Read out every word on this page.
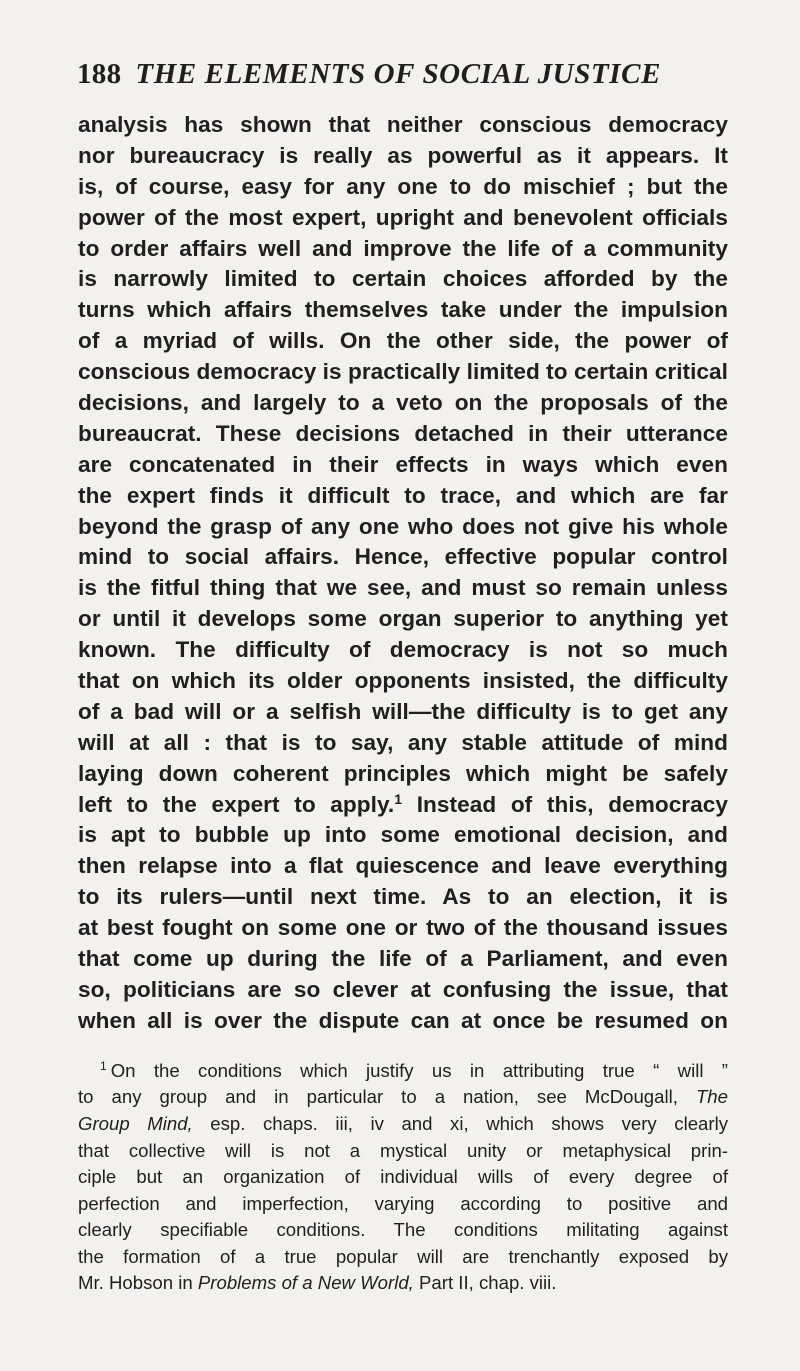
188 THE ELEMENTS OF SOCIAL JUSTICE
analysis has shown that neither conscious democracy
nor bureaucracy is really as powerful as it appears. It
is, of course, easy for any one to do mischief ; but the
power of the most expert, upright and benevolent officials
to order affairs well and improve the life of a community
is narrowly limited to certain choices afforded by the
turns which affairs themselves take under the impulsion
of a myriad of wills. On the other side, the power of
conscious democracy is practically limited to certain critical
decisions, and largely to a veto on the proposals of the
bureaucrat. These decisions detached in their utterance
are concatenated in their effects in ways which even
the expert finds it difficult to trace, and which are far
beyond the grasp of any one who does not give his whole
mind to social affairs. Hence, effective popular control
is the fitful thing that we see, and must so remain unless
or until it develops some organ superior to anything yet
known. The difficulty of democracy is not so much
that on which its older opponents insisted, the difficulty
of a bad will or a selfish will—the difficulty is to get any
will at all : that is to say, any stable attitude of mind
laying down coherent principles which might be safely
left to the expert to apply.$^1$ Instead of this, democracy
is apt to bubble up into some emotional decision, and
then relapse into a flat quiescence and leave everything
to its rulers—until next time. As to an election, it is
at best fought on some one or two of the thousand issues
that come up during the life of a Parliament, and even
so, politicians are so clever at confusing the issue, that
when all is over the dispute can at once be resumed on
$^1$ On the conditions which justify us in attributing true “ will ”
to any group and in particular to a nation, see McDougall, The
Group Mind, esp. chaps. iii, iv and xi, which shows very clearly
that collective will is not a mystical unity or metaphysical prin-
ciple but an organization of individual wills of every degree of
perfection and imperfection, varying according to positive and
clearly specifiable conditions. The conditions militating against
the formation of a true popular will are trenchantly exposed by
Mr. Hobson in Problems of a New World, Part II, chap. viii.
